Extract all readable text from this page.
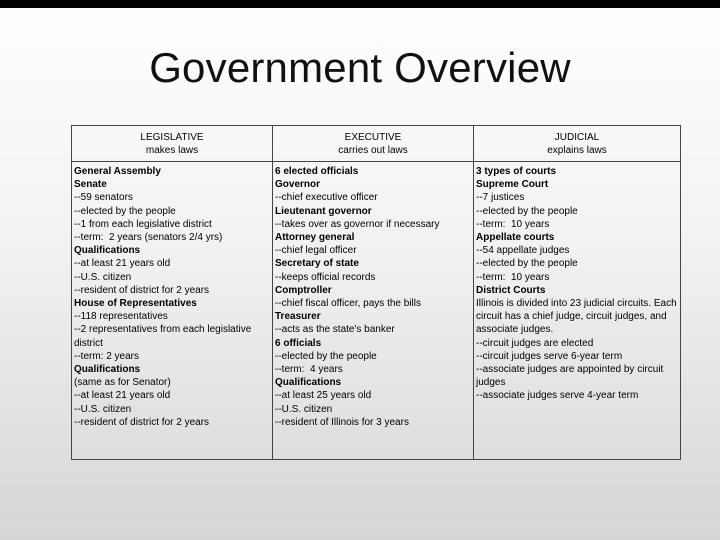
Government Overview
LEGISLATIVE
makes laws
EXECUTIVE
carries out laws
JUDICIAL
explains laws
General Assembly
Senate
--59 senators
--elected by the people
--1 from each legislative district
--term:  2 years (senators 2/4 yrs)
Qualifications
--at least 21 years old
--U.S. citizen
--resident of district for 2 years
House of Representatives
--118 representatives
--2 representatives from each legislative district
--term: 2 years
Qualifications
(same as for Senator)
--at least 21 years old
--U.S. citizen
--resident of district for 2 years
6 elected officials
Governor
--chief executive officer
Lieutenant governor
--takes over as governor if necessary
Attorney general
--chief legal officer
Secretary of state
--keeps official records
Comptroller
--chief fiscal officer, pays the bills
Treasurer
--acts as the state's banker
6 officials
--elected by the people
--term:  4 years
Qualifications
--at least 25 years old
--U.S. citizen
--resident of Illinois for 3 years
3 types of courts
Supreme Court
--7 justices
--elected by the people
--term:  10 years
Appellate courts
--54 appellate judges
--elected by the people
--term:  10 years
District Courts
Illinois is divided into 23 judicial circuits. Each circuit has a chief judge, circuit judges, and associate judges.
--circuit judges are elected
--circuit judges serve 6-year term
--associate judges are appointed by circuit judges
--associate judges serve 4-year term
